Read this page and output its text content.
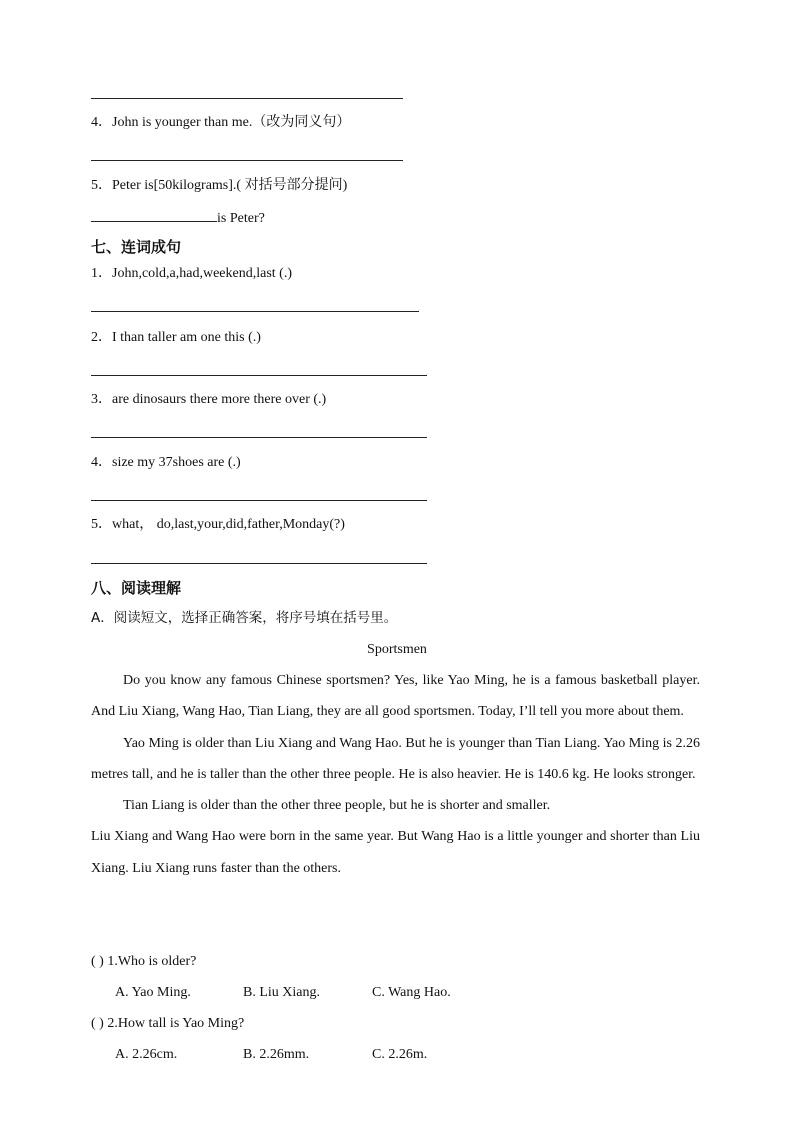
4．John is younger than me.（改为同义句）
5．Peter is[50kilograms].( 对括号部分提问)
is Peter?
七、连词成句
1．John,cold,a,had,weekend,last (.)
2．I than taller am one this (.)
3．are dinosaurs there more there over (.)
4．size my 37shoes are (.)
5．what， do,last,your,did,father,Monday(?)
八、阅读理解
A．阅读短文，选择正确答案，将序号填在括号里。
Sportsmen

Do you know any famous Chinese sportsmen? Yes, like Yao Ming, he is a famous basketball player. And Liu Xiang, Wang Hao, Tian Liang, they are all good sportsmen. Today, I’ll tell you more about them.

Yao Ming is older than Liu Xiang and Wang Hao. But he is younger than Tian Liang. Yao Ming is 2.26 metres tall, and he is taller than the other three people. He is also heavier. He is 140.6 kg. He looks stronger.

Tian Liang is older than the other three people, but he is shorter and smaller.

Liu Xiang and Wang Hao were born in the same year. But Wang Hao is a little younger and shorter than Liu Xiang. Liu Xiang runs faster than the others.

( ) 1.Who is older?
A. Yao Ming.	B. Liu Xiang.	C. Wang Hao.
( ) 2.How tall is Yao Ming?
A. 2.26cm.	B. 2.26mm.	C. 2.26m.
